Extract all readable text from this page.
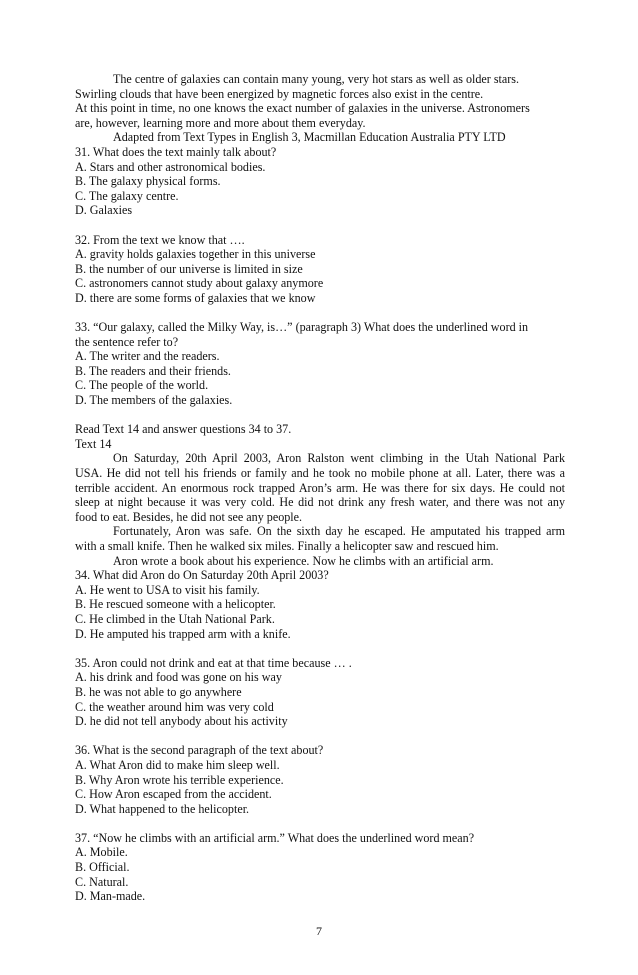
The centre of galaxies can contain many young, very hot stars as well as older stars.
Swirling clouds that have been energized by magnetic forces also exist in the centre.
At this point in time, no one knows the exact number of galaxies in the universe. Astronomers
are, however, learning more and more about them everyday.
Adapted from Text Types in English 3, Macmillan Education Australia PTY LTD
31. What does the text mainly talk about?
A. Stars and other astronomical bodies.
B. The galaxy physical forms.
C. The galaxy centre.
D. Galaxies
32. From the text we know that ….
A. gravity holds galaxies together in this universe
B. the number of our universe is limited in size
C. astronomers cannot study about galaxy anymore
D. there are some forms of galaxies that we know
33. “Our galaxy, called the Milky Way, is…” (paragraph 3) What does the underlined word in
the sentence refer to?
A. The writer and the readers.
B. The readers and their friends.
C. The people of the world.
D. The members of the galaxies.
Read Text 14 and answer questions 34 to 37.
Text 14
On Saturday, 20th April 2003, Aron Ralston went climbing in the Utah National Park
USA. He did not tell his friends or family and he took no mobile phone at all. Later, there was a
terrible accident. An enormous rock trapped Aron’s arm. He was there for six days. He could not
sleep at night because it was very cold. He did not drink any fresh water, and there was not any
food to eat. Besides, he did not see any people.
Fortunately, Aron was safe. On the sixth day he escaped. He amputated his trapped arm
with a small knife. Then he walked six miles. Finally a helicopter saw and rescued him.
Aron wrote a book about his experience. Now he climbs with an artificial arm.
34. What did Aron do On Saturday 20th April 2003?
A. He went to USA to visit his family.
B. He rescued someone with a helicopter.
C. He climbed in the Utah National Park.
D. He amputed his trapped arm with a knife.
35. Aron could not drink and eat at that time because … .
A. his drink and food was gone on his way
B. he was not able to go anywhere
C. the weather around him was very cold
D. he did not tell anybody about his activity
36. What is the second paragraph of the text about?
A. What Aron did to make him sleep well.
B. Why Aron wrote his terrible experience.
C. How Aron escaped from the accident.
D. What happened to the helicopter.
37. “Now he climbs with an artificial arm.” What does the underlined word mean?
A. Mobile.
B. Official.
C. Natural.
D. Man-made.
7
